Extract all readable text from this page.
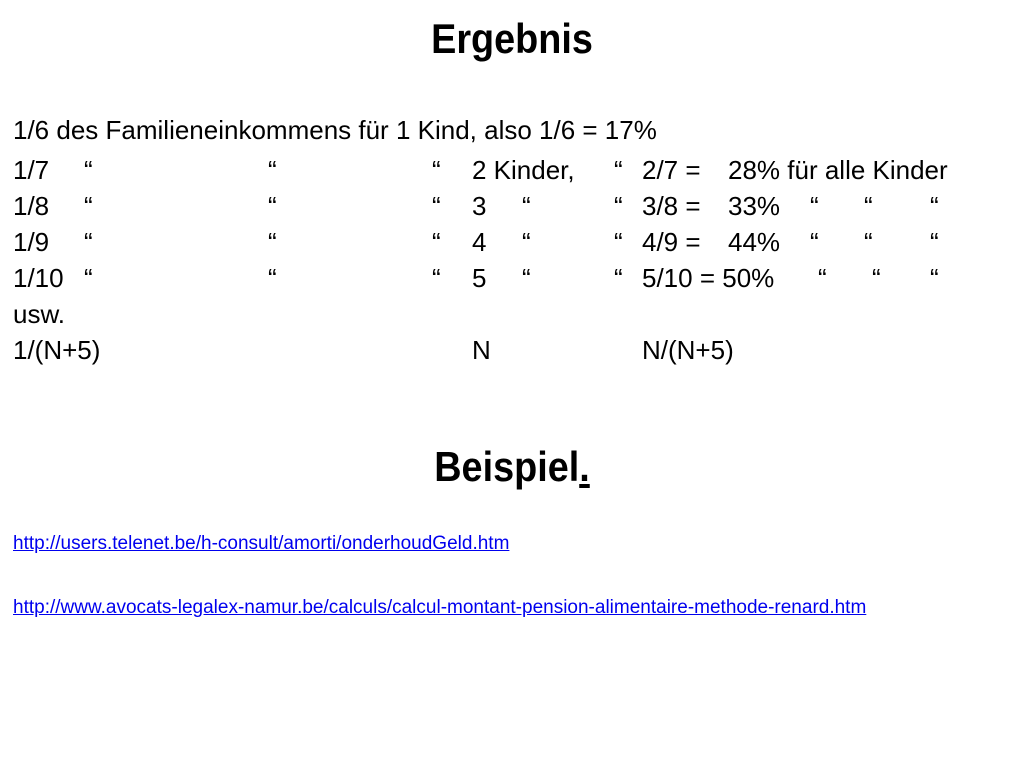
Ergebnis
1/6 des Familieneinkommens für 1 Kind, also 1/6 = 17%
1/7 “	“	“ 2 Kinder, “ 2/7 = 28% für alle Kinder
1/8 “	“	“ 3 “	“ 3/8 = 33% “ “ “
1/9 “	“	“ 4 “	“ 4/9 = 44% “ “ “
1/10 “	“	“ 5 “	“ 5/10 = 50% “ “ “
usw.
1/(N+5)	N	N/(N+5)
Beispiel.
http://users.telenet.be/h-consult/amorti/onderhoudGeld.htm
http://www.avocats-legalex-namur.be/calculs/calcul-montant-pension-alimentaire-methode-renard.htm
